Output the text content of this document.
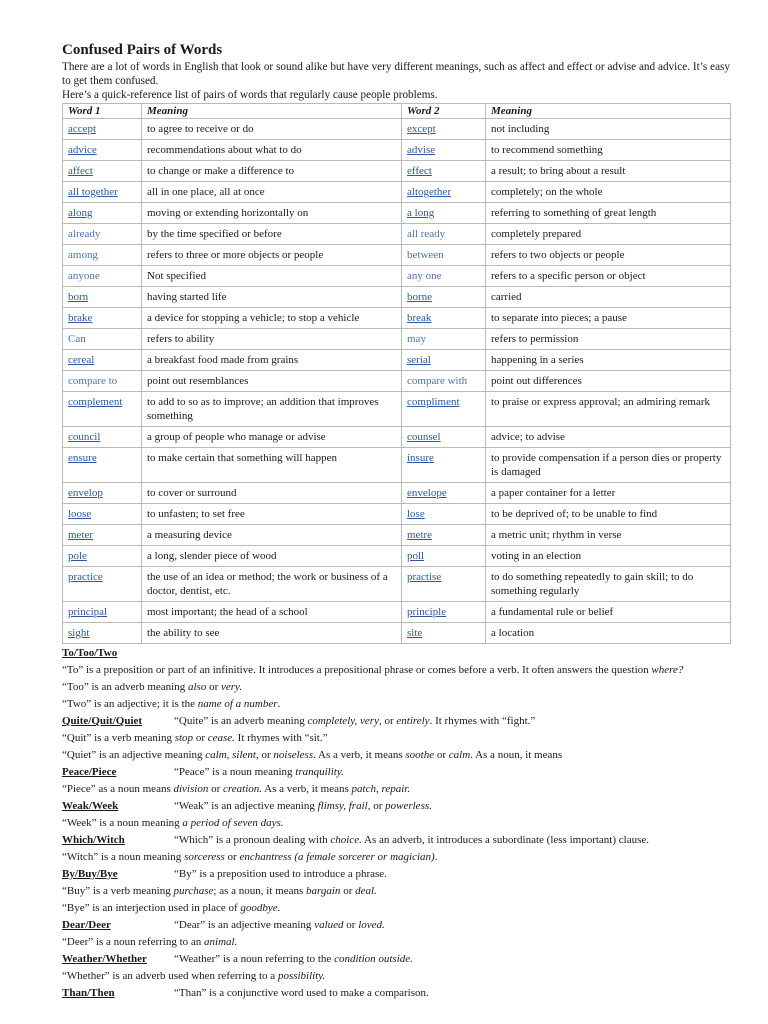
Confused Pairs of Words

There are a lot of words in English that look or sound alike but have very different meanings, such as affect and effect or advise and advice. It’s easy to get them confused.

Here’s a quick-reference list of pairs of words that regularly cause people problems.

Word 1	Meaning	Word 2	Meaning
accept	to agree to receive or do	except	not including
advice	recommendations about what to do	advise	to recommend something
affect	to change or make a difference to	effect	a result; to bring about a result
all together	all in one place, all at once	altogether	completely; on the whole
along	moving or extending horizontally on	a long	referring to something of great length
already	by the time specified or before	all ready	completely prepared
among	refers to three or more objects or people	between	refers to two objects or people
anyone	Not specified	any one	refers to a specific person or object
born	having started life	borne	carried
brake	a device for stopping a vehicle; to stop a vehicle	break	to separate into pieces; a pause
Can	refers to ability	may	refers to permission
cereal	a breakfast food made from grains	serial	happening in a series
compare to	point out resemblances	compare with	point out differences
complement	to add to so as to improve; an addition that improves something	compliment	to praise or express approval; an admiring remark
council	a group of people who manage or advise	counsel	advice; to advise
ensure	to make certain that something will happen	insure	to provide compensation if a person dies or property is damaged
envelop	to cover or surround	envelope	a paper container for a letter
loose	to unfasten; to set free	lose	to be deprived of; to be unable to find
meter	a measuring device	metre	a metric unit; rhythm in verse
pole	a long, slender piece of wood	poll	voting in an election
practice	the use of an idea or method; the work or business of a doctor, dentist, etc.	practise	to do something repeatedly to gain skill; to do something regularly
principal	most important; the head of a school	principle	a fundamental rule or belief
sight	the ability to see	site	a location

To/Too/Two

“To” is a preposition or part of an infinitive. It introduces a prepositional phrase or comes before a verb. It often answers the question where?

“Too” is an adverb meaning also or very.

“Two” is an adjective; it is the name of a number.

Quite/Quit/Quiet	“Quite” is an adverb meaning completely, very, or entirely. It rhymes with “fight.”

“Quit” is a verb meaning stop or cease. It rhymes with “sit.”

“Quiet” is an adjective meaning calm, silent, or noiseless. As a verb, it means soothe or calm. As a noun, it means

Peace/Piece	“Peace” is a noun meaning tranquility.

“Piece” as a noun means division or creation. As a verb, it means patch, repair.

Weak/Week	“Weak” is an adjective meaning flimsy, frail, or powerless.

“Week” is a noun meaning a period of seven days.

Which/Witch	“Which” is a pronoun dealing with choice. As an adverb, it introduces a subordinate (less important) clause.

“Witch” is a noun meaning sorceress or enchantress (a female sorcerer or magician).

By/Buy/Bye	“By” is a preposition used to introduce a phrase.

“Buy” is a verb meaning purchase; as a noun, it means bargain or deal.

“Bye” is an interjection used in place of goodbye.

Dear/Deer	“Dear” is an adjective meaning valued or loved.

“Deer” is a noun referring to an animal.

Weather/Whether “Weather” is a noun referring to the condition outside.

“Whether” is an adverb used when referring to a possibility.

Than/Then	“Than” is a conjunctive word used to make a comparison.
